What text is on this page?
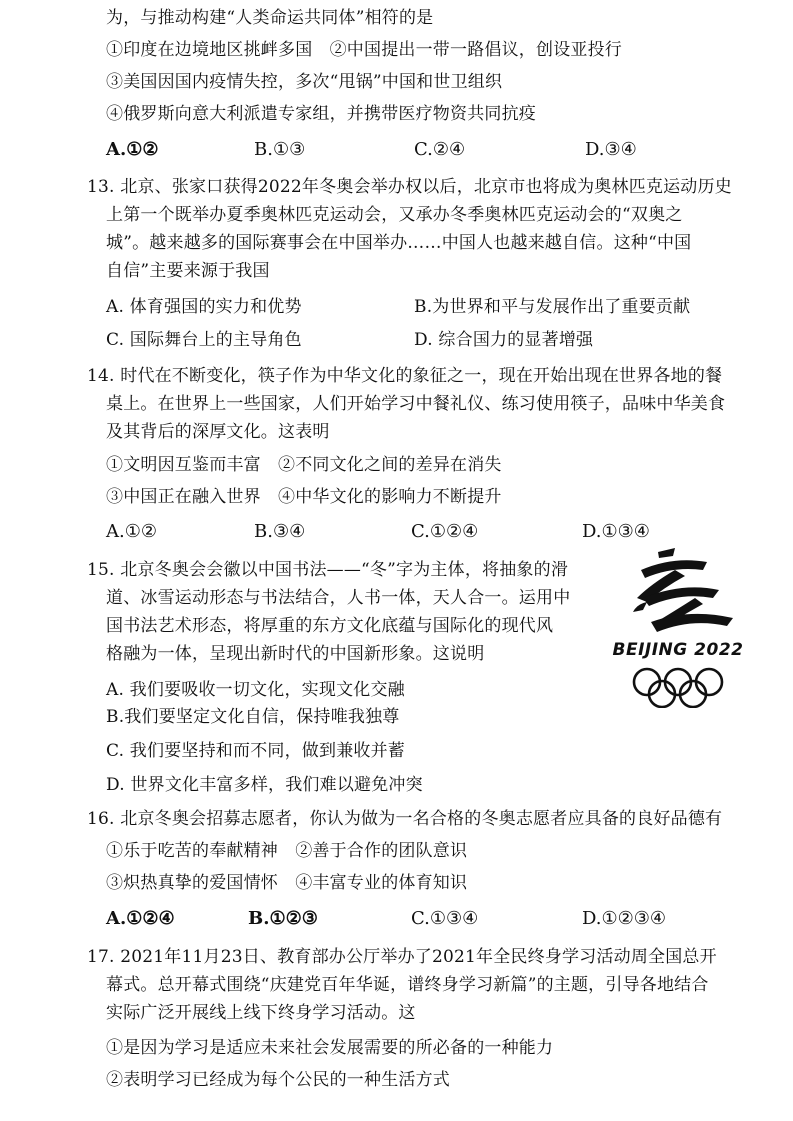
为，与推动构建“人类命运共同体”相符的是
①印度在边境地区挑衅多国　②中国提出一带一路倡议，创设亚投行
③美国因国内疫情失控，多次“甩锅”中国和世卫组织
④俄罗斯向意大利派遣专家组，并携带医疗物资共同抗疫
A.①②	B.①③	C.②④	D.③④
13. 北京、张家口获得2022年冬奥会举办权以后，北京市也将成为奥林匹克运动历史
上第一个既举办夏季奥林匹克运动会，又承办冬季奥林匹克运动会的“双奥之
城”。越来越多的国际赛事会在中国举办……中国人也越来越自信。这种“中国
自信”主要来源于我国
A. 体育强国的实力和优势	B.为世界和平与发展作出了重要贡献
C. 国际舞台上的主导角色	D. 综合国力的显著增强
14. 时代在不断变化，筷子作为中华文化的象征之一，现在开始出现在世界各地的餐
桌上。在世界上一些国家，人们开始学习中餐礼仪、练习使用筷子，品味中华美食
及其背后的深厚文化。这表明
①文明因互鉴而丰富　②不同文化之间的差异在消失
③中国正在融入世界　④中华文化的影响力不断提升
A.①②	B.③④	C.①②④	D.①③④
15. 北京冬奥会会徽以中国书法——“冬”字为主体，将抽象的滑
道、冰雪运动形态与书法结合，人书一体，天人合一。运用中
国书法艺术形态，将厚重的东方文化底蕴与国际化的现代风
格融为一体，呈现出新时代的中国新形象。这说明
A. 我们要吸收一切文化，实现文化交融
B.我们要坚定文化自信，保持唯我独尊
C. 我们要坚持和而不同，做到兼收并蓄
D. 世界文化丰富多样，我们难以避免冲突
BEIJING 2022
16. 北京冬奥会招募志愿者，你认为做为一名合格的冬奥志愿者应具备的良好品德有
①乐于吃苦的奉献精神　②善于合作的团队意识
③炽热真挚的爱国情怀　④丰富专业的体育知识
A.①②④	B.①②③	C.①③④	D.①②③④
17. 2021年11月23日、教育部办公厅举办了2021年全民终身学习活动周全国总开
幕式。总开幕式围绕“庆建党百年华诞，谱终身学习新篇”的主题，引导各地结合
实际广泛开展线上线下终身学习活动。这
①是因为学习是适应未来社会发展需要的所必备的一种能力
②表明学习已经成为每个公民的一种生活方式
